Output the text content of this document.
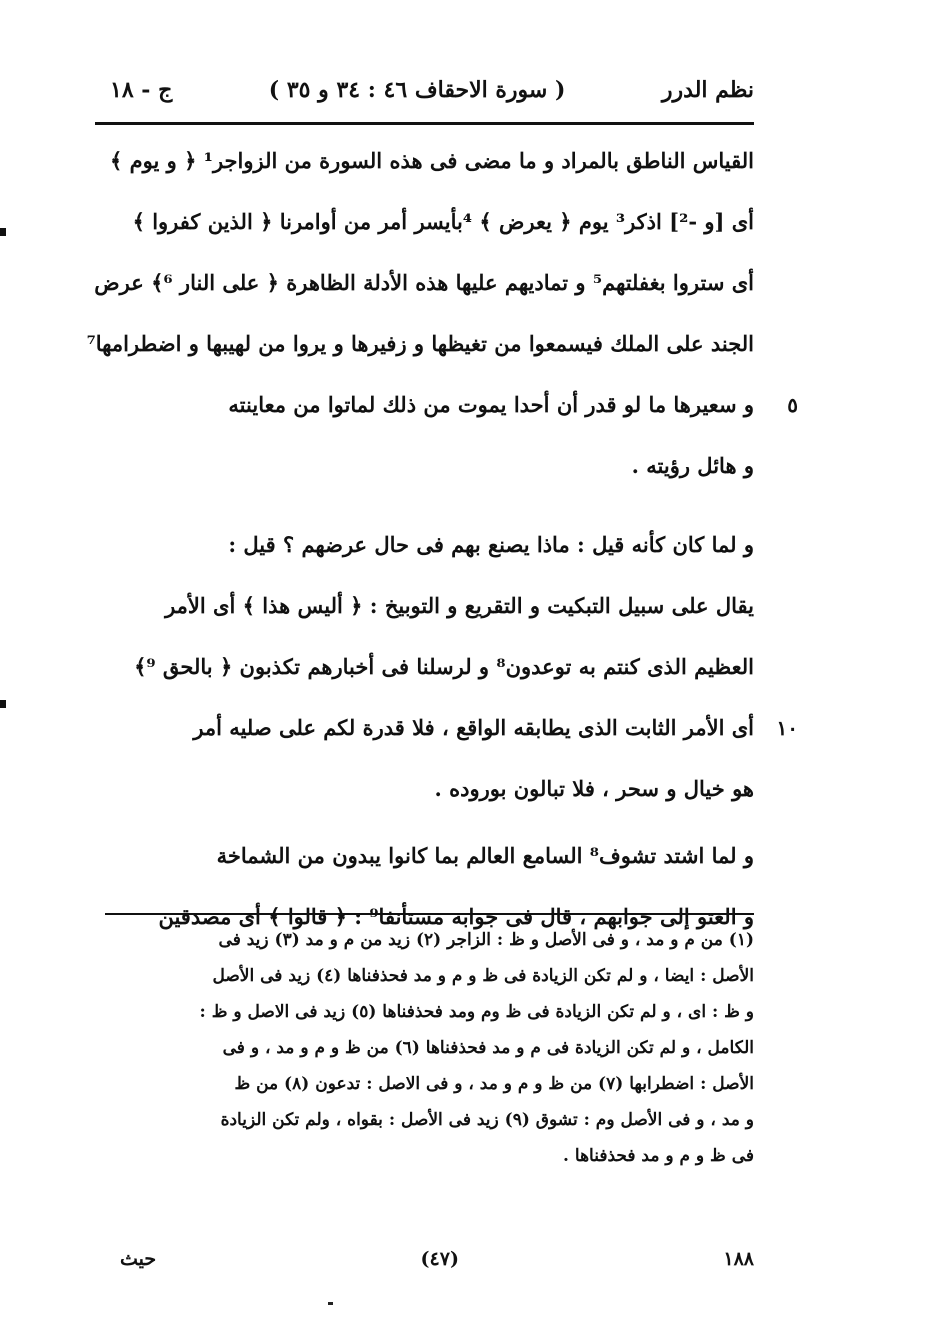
نظم الدرر
( سورة الاحقاف ٤٦ : ٣٤ و ٣٥ )
ج - ١٨
القياس الناطق بالمراد و ما مضى فى هذه السورة من الزواجر¹ ﴿ و يوم ﴾
أى [و -²] اذكر³ يوم ﴿ يعرض ﴾ ⁴بأيسر أمر من أوامرنا ﴿ الذين كفروا ﴾
أى ستروا بغفلتهم⁵ و تماديهم عليها هذه الأدلة الظاهرة ﴿ على النار ⁶﴾ عرض
الجند على الملك فيسمعوا من تغيظها و زفيرها و يروا من لهيبها و اضطرامها⁷
٥
و سعيرها ما لو قدر أن أحدا يموت من ذلك لماتوا من معاينته
و هائل رؤيته .
و لما كان كأنه قيل : ماذا يصنع بهم فى حال عرضهم ؟ قيل :
يقال على سبيل التبكيت و التقريع و التوبيخ : ﴿ أليس هذا ﴾ أى الأمر
العظيم الذى كنتم به توعدون⁸ و لرسلنا فى أخبارهم تكذبون ﴿ بالحق ⁹﴾
١٠
أى الأمر الثابت الذى يطابقه الواقع ، فلا قدرة لكم على صليه أمر
هو خيال و سحر ، فلا تبالون بوروده .
و لما اشتد تشوف⁸ السامع العالم بما كانوا يبدون من الشماخة
و العتو إلى جوابهم ، قال فى جوابه مستأنفا⁹ : ﴿ قالوا ﴾ أى مصدقين
(١) من م و مد ، و فى الأصل و ظ : الزاجر (٢) زيد من م و مد (٣) زيد فى
الأصل : ايضا ، و لم تكن الزيادة فى ظ و م و مد فحذفناها (٤) زيد فى الأصل
و ظ : اى ، و لم تكن الزيادة فى ظ وم ومد فحذفناها (٥) زيد فى الاصل و ظ :
الكامل ، و لم تكن الزيادة فى م و مد فحذفناها (٦) من ظ و م و مد ، و فى
الأصل : اضطرابها (٧) من ظ و م و مد ، و فى الاصل : تدعون (٨) من ظ
و مد ، و فى الأصل وم : تشوق (٩) زيد فى الأصل : بقواه ، ولم تكن الزيادة
فى ظ و م و مد فحذفناها .
١٨٨
(٤٧)
حيث
